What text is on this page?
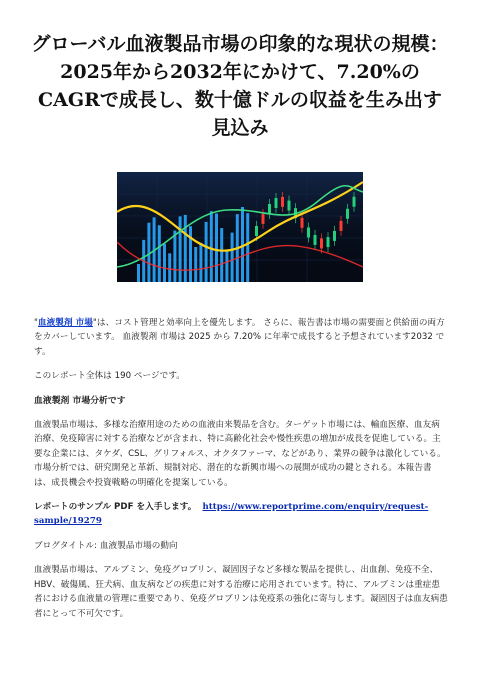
グローバル血液製品市場の印象的な現状の規模：2025年から2032年にかけて、7.20%のCAGRで成長し、数十億ドルの収益を生み出す見込み

"血液製剤 市場"は、コスト管理と効率向上を優先します。 さらに、報告書は市場の需要面と供給面の両方をカバーしています。 血液製剤 市場は 2025 から 7.20% に年率で成長すると予想されています2032 です。

このレポート全体は 190 ページです。

血液製剤 市場分析です

血液製品市場は、多様な治療用途のための血液由来製品を含む。ターゲット市場には、輸血医療、血友病治療、免疫障害に対する治療などが含まれ、特に高齢化社会や慢性疾患の増加が成長を促進している。主要な企業には、タケダ、CSL、グリフォルス、オクタファーマ、などがあり、業界の競争は激化している。市場分析では、研究開発と革新、規制対応、潜在的な新興市場への展開が成功の鍵とされる。本報告書は、成長機会や投資戦略の明確化を提案している。

レポートのサンプル PDF を入手します。 https://www.reportprime.com/enquiry/request-sample/19279

ブログタイトル: 血液製品市場の動向

血液製品市場は、アルブミン、免疫グロブリン、凝固因子など多様な製品を提供し、出血創、免疫不全、HBV、破傷風、狂犬病、血友病などの疾患に対する治療に応用されています。特に、アルブミンは重症患者における血液量の管理に重要であり、免疫グロブリンは免疫系の強化に寄与します。凝固因子は血友病患者にとって不可欠です。
